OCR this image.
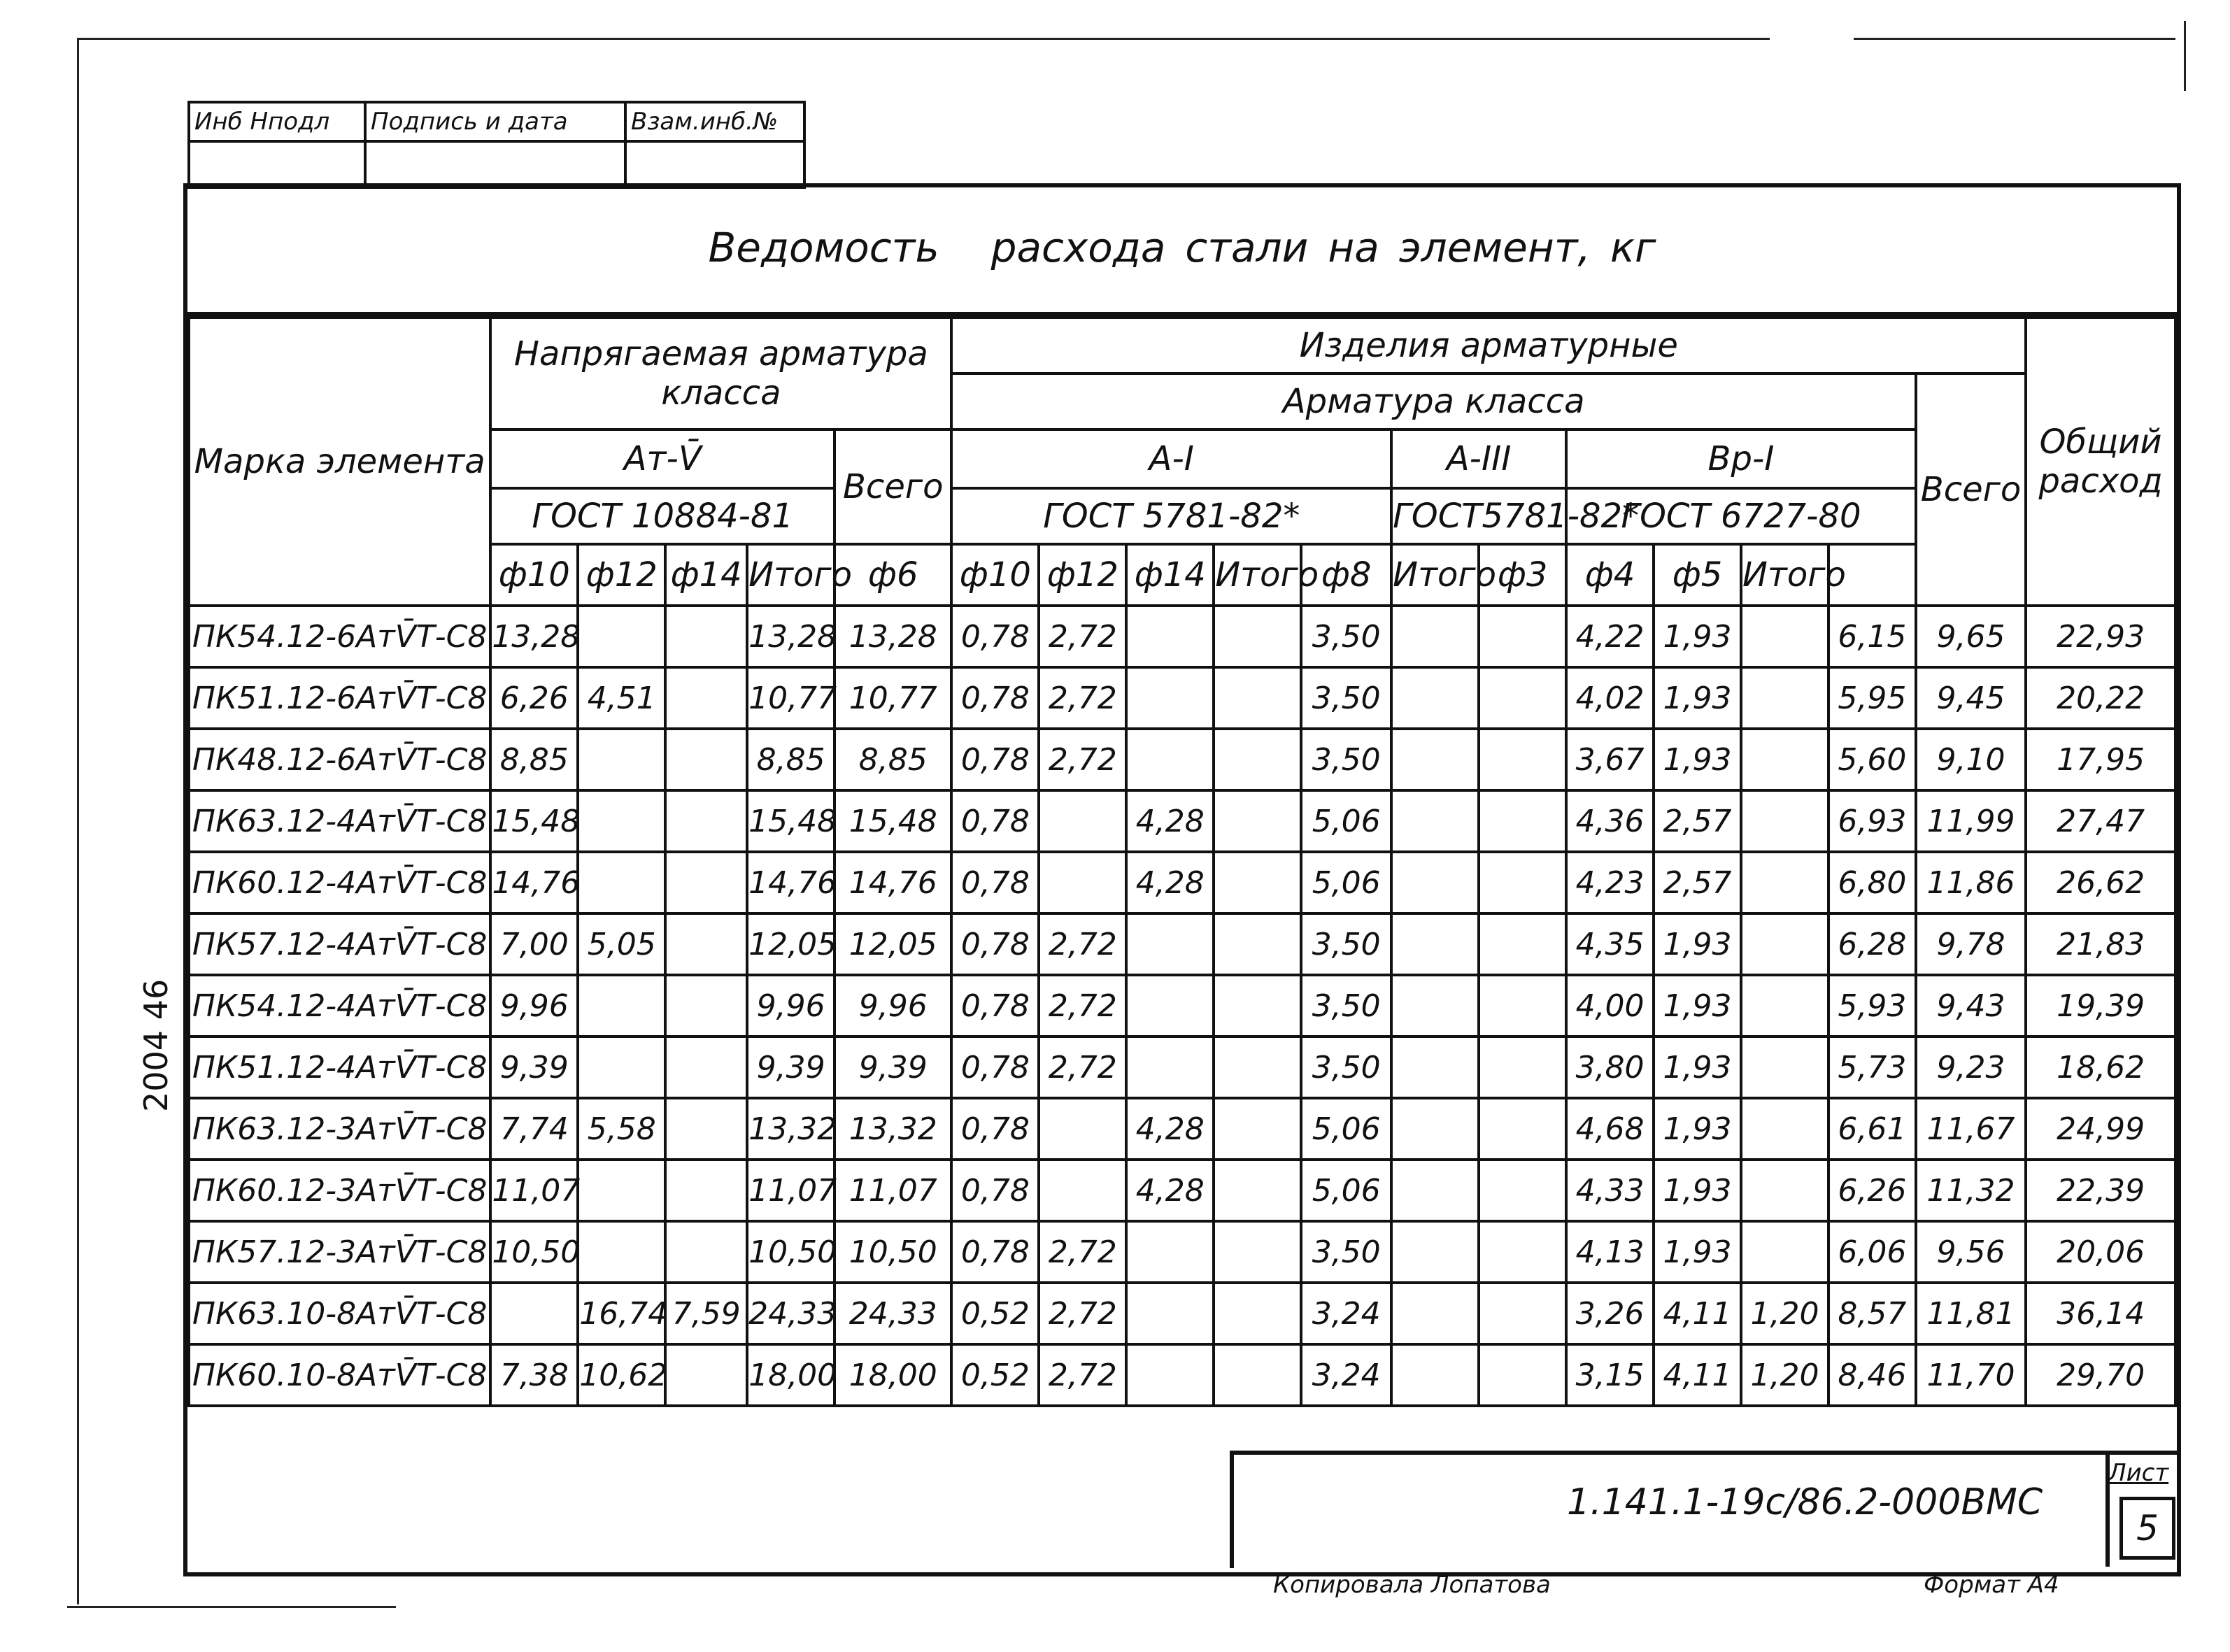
Инб Нподл	Подпись и дата	Взам.инб.№

Ведомость расхода стали на элемент, кг
Марка элемента	Напрягаемая арматура класса					Изделия арматурные												Общий расход
						Арматура класса											Всего	
	Ат-V̄				Всего	А-I					А-III		Вр-I					
	ГОСТ 10884-81					ГОСТ 5781-82*					ГОСТ5781-82*		ГОСТ 6727-80					
	ф10	ф12	ф14	Итого	ф6	ф10	ф12	ф14	Итого	ф8	Итого	ф3	ф4	ф5	Итого			
ПК54.12-6АтV̄Т-С8	13,28			13,28	13,28	0,78	2,72			3,50			4,22	1,93		6,15	9,65	22,93
ПК51.12-6АтV̄Т-С8	6,26	4,51		10,77	10,77	0,78	2,72			3,50			4,02	1,93		5,95	9,45	20,22
ПК48.12-6АтV̄Т-С8	8,85			8,85	8,85	0,78	2,72			3,50			3,67	1,93		5,60	9,10	17,95
ПК63.12-4АтV̄Т-С8	15,48			15,48	15,48	0,78		4,28		5,06			4,36	2,57		6,93	11,99	27,47
ПК60.12-4АтV̄Т-С8	14,76			14,76	14,76	0,78		4,28		5,06			4,23	2,57		6,80	11,86	26,62
ПК57.12-4АтV̄Т-С8	7,00	5,05		12,05	12,05	0,78	2,72			3,50			4,35	1,93		6,28	9,78	21,83
ПК54.12-4АтV̄Т-С8	9,96			9,96	9,96	0,78	2,72			3,50			4,00	1,93		5,93	9,43	19,39
ПК51.12-4АтV̄Т-С8	9,39			9,39	9,39	0,78	2,72			3,50			3,80	1,93		5,73	9,23	18,62
ПК63.12-3АтV̄Т-С8	7,74	5,58		13,32	13,32	0,78		4,28		5,06			4,68	1,93		6,61	11,67	24,99
ПК60.12-3АтV̄Т-С8	11,07			11,07	11,07	0,78		4,28		5,06			4,33	1,93		6,26	11,32	22,39
ПК57.12-3АтV̄Т-С8	10,50			10,50	10,50	0,78	2,72			3,50			4,13	1,93		6,06	9,56	20,06
ПК63.10-8АтV̄Т-С8		16,74	7,59	24,33	24,33	0,52	2,72			3,24			3,26	4,11	1,20	8,57	11,81	36,14
ПК60.10-8АтV̄Т-С8	7,38	10,62		18,00	18,00	0,52	2,72			3,24			3,15	4,11	1,20	8,46	11,70	29,70

1.141.1-19с/86.2-000ВМС
Лист
5
Копировала Лопатова	Формат А4
2004 46
